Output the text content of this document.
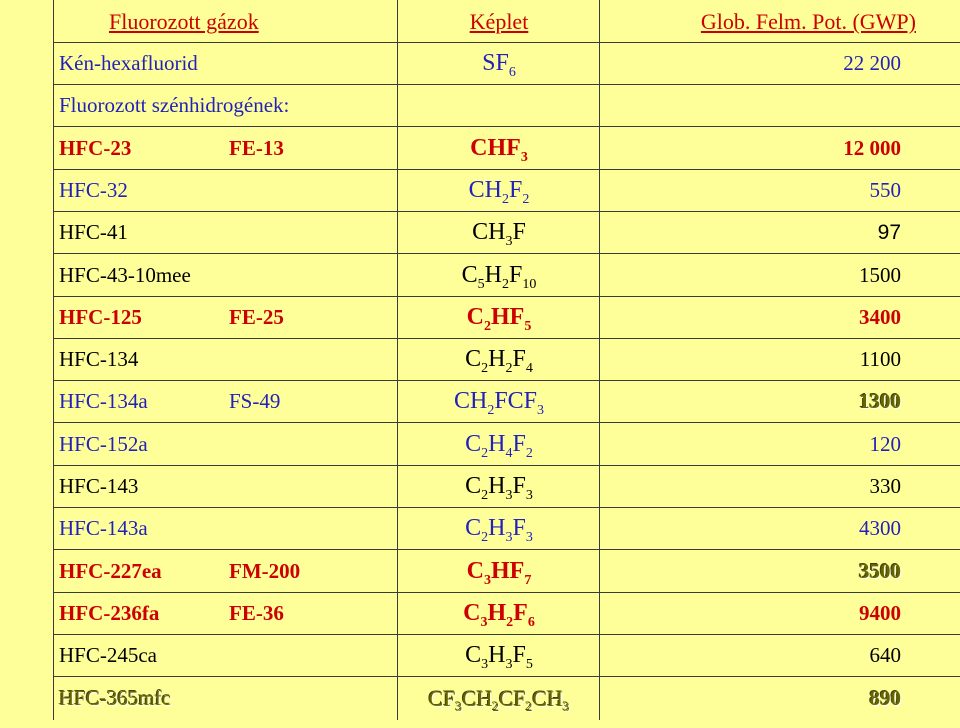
Fluorozott gázok	Képlet	Glob. Felm. Pot. (GWP)
Kén-hexafluorid	$SF_6$	22 200
Fluorozott szénhidrogének:
HFC-23	FE-13	$CHF_3$	12 000
HFC-32	$CH_2F_2$	550
HFC-41	$CH_3F$	97
HFC-43-10mee	$C_5H_2F_{10}$	1500
HFC-125	FE-25	$C_2HF_5$	3400
HFC-134	$C_2H_2F_4$	1100
HFC-134a	FS-49	$CH_2FCF_3$	1300
HFC-152a	$C_2H_4F_2$	120
HFC-143	$C_2H_3F_3$	330
HFC-143a	$C_2H_3F_3$	4300
HFC-227ea	FM-200	$C_3HF_7$	3500
HFC-236fa	FE-36	$C_3H_2F_6$	9400
HFC-245ca	$C_3H_3F_5$	640
HFC-365mfc	$CF_3CH_2CF_2CH_3$	890
